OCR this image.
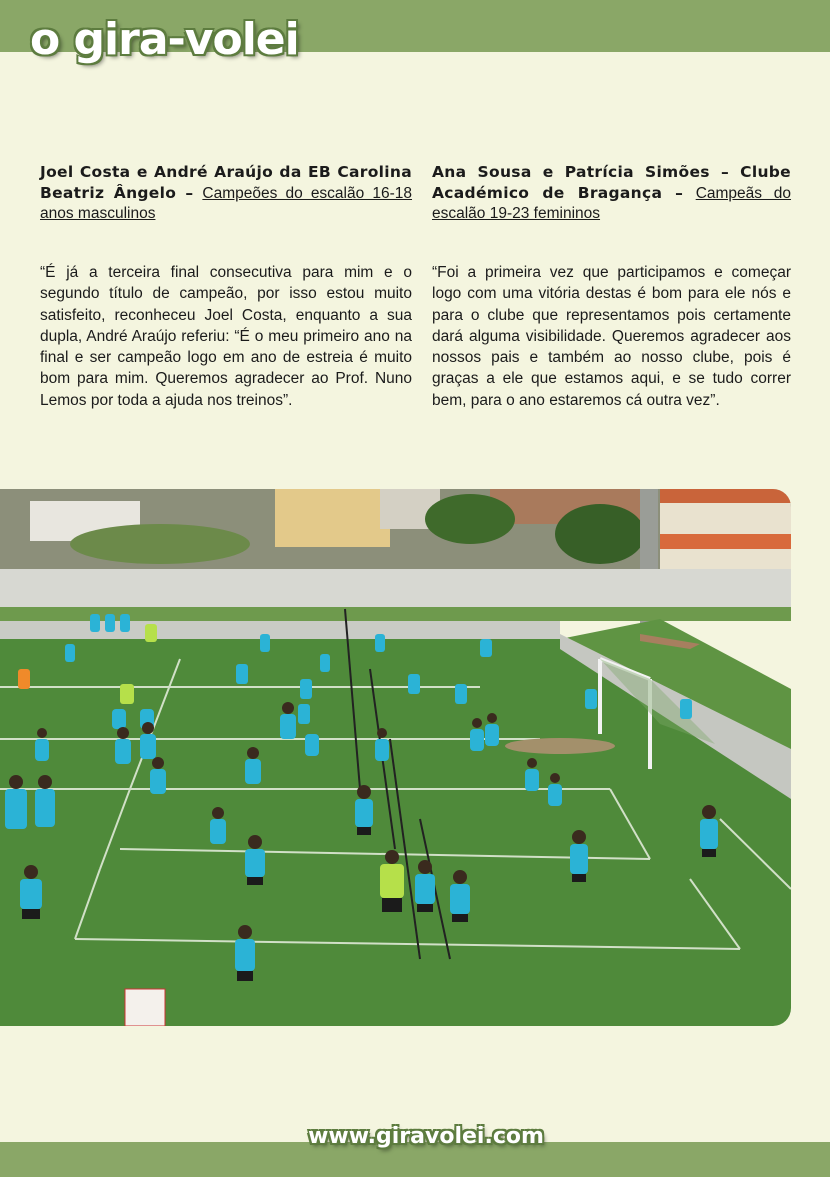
o gira-volei
Joel Costa e André Araújo da EB Carolina Beatriz Ângelo – Campeões do escalão 16-18 anos masculinos
“É já a terceira final consecutiva para mim e o segundo título de campeão, por isso estou muito satisfeito, reconheceu Joel Costa, enquanto a sua dupla, André Araújo referiu: “É o meu primeiro ano na final e ser campeão logo em ano de estreia é muito bom para mim. Queremos agradecer ao Prof. Nuno Lemos por toda a ajuda nos treinos”.
Ana Sousa e Patrícia Simões – Clube Académico de Bragança – Campeãs do escalão 19-23 femininos
“Foi a primeira vez que participamos e começar logo com uma vitória destas é bom para ele nós e para o clube que representamos pois certamente dará alguma visibilidade. Queremos agradecer aos nossos pais e também ao nosso clube, pois é graças a ele que estamos aqui, e se tudo correr bem, para o ano estaremos cá outra vez”.
www.giravolei.com
